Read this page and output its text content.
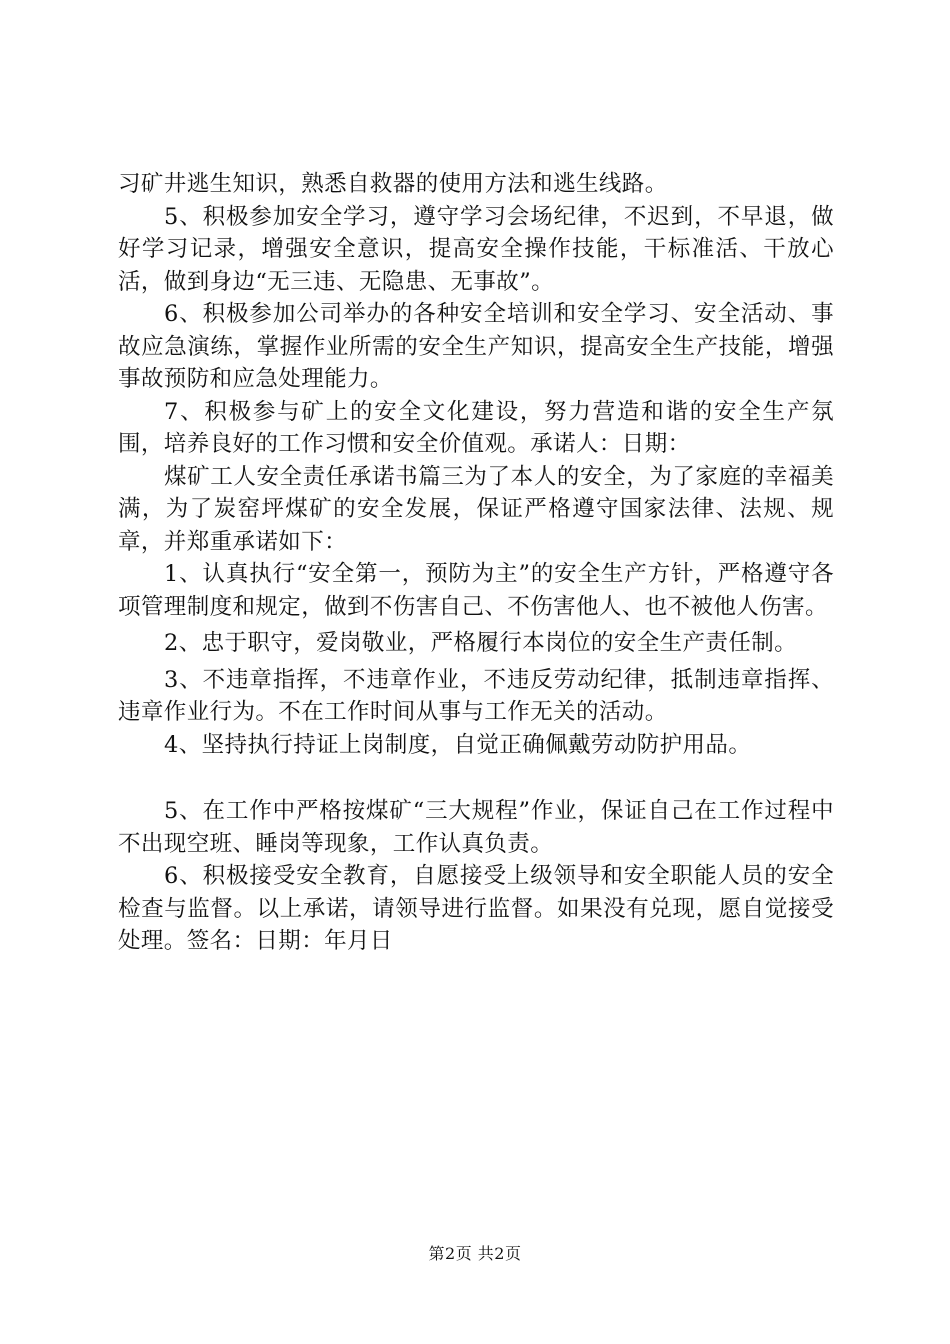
习矿井逃生知识，熟悉自救器的使用方法和逃生线路。

5、积极参加安全学习，遵守学习会场纪律，不迟到，不早退，做好学习记录，增强安全意识，提高安全操作技能，干标准活、干放心活，做到身边“无三违、无隐患、无事故”。

6、积极参加公司举办的各种安全培训和安全学习、安全活动、事故应急演练，掌握作业所需的安全生产知识，提高安全生产技能，增强事故预防和应急处理能力。

7、积极参与矿上的安全文化建设，努力营造和谐的安全生产氛围，培养良好的工作习惯和安全价值观。承诺人：日期：

煤矿工人安全责任承诺书篇三为了本人的安全，为了家庭的幸福美满，为了炭窑坪煤矿的安全发展，保证严格遵守国家法律、法规、规章，并郑重承诺如下：

1、认真执行“安全第一，预防为主”的安全生产方针，严格遵守各项管理制度和规定，做到不伤害自己、不伤害他人、也不被他人伤害。

2、忠于职守，爱岗敬业，严格履行本岗位的安全生产责任制。

3、不违章指挥，不违章作业，不违反劳动纪律，抵制违章指挥、违章作业行为。不在工作时间从事与工作无关的活动。

4、坚持执行持证上岗制度，自觉正确佩戴劳动防护用品。

5、在工作中严格按煤矿“三大规程”作业，保证自己在工作过程中不出现空班、睡岗等现象，工作认真负责。

6、积极接受安全教育，自愿接受上级领导和安全职能人员的安全检查与监督。以上承诺，请领导进行监督。如果没有兑现，愿自觉接受处理。签名：日期：年月日

第2页 共2页
